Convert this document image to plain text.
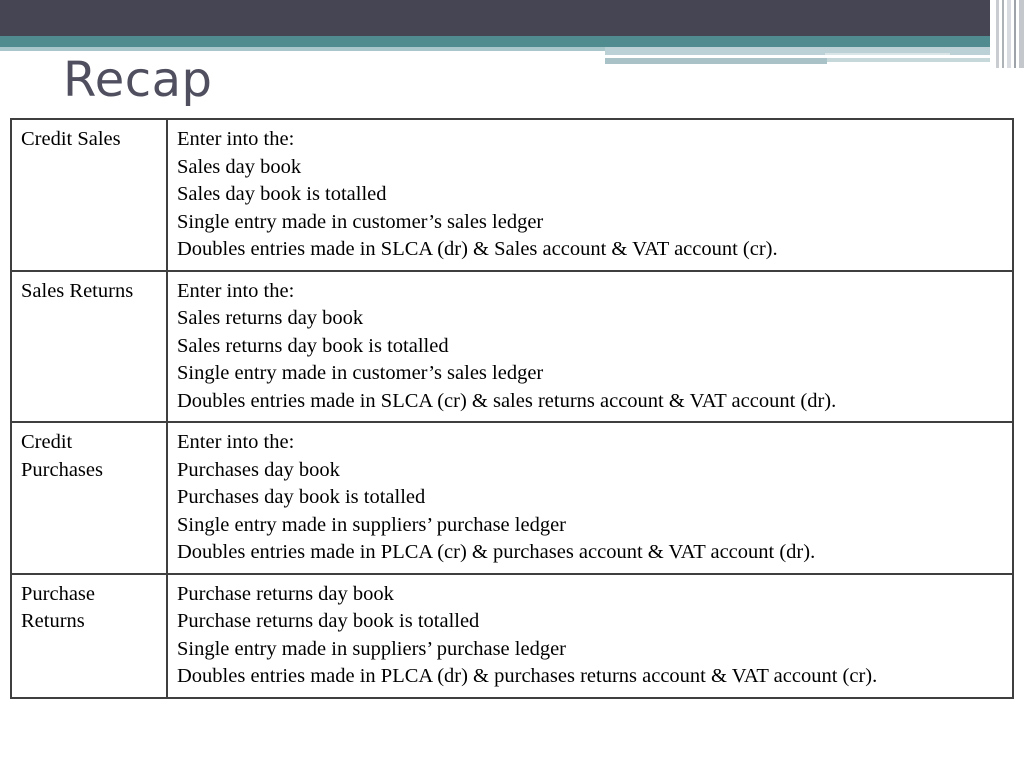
Recap
Credit Sales	Enter into the:
Sales day book
Sales day book is totalled
Single entry made in customer’s sales ledger
Doubles entries made in SLCA (dr) & Sales account & VAT account (cr).

Sales Returns	Enter into the:
Sales returns day book
Sales returns day book is totalled
Single entry made in customer’s sales ledger
Doubles entries made in SLCA (cr) & sales returns account & VAT account (dr).

Credit Purchases	Enter into the:
Purchases day book
Purchases day book is totalled
Single entry made in suppliers’ purchase ledger
Doubles entries made in PLCA (cr) & purchases account & VAT account (dr).

Purchase Returns	Purchase returns day book
Purchase returns day book is totalled
Single entry made in suppliers’ purchase ledger
Doubles entries made in PLCA (dr) & purchases returns account & VAT account (cr).
